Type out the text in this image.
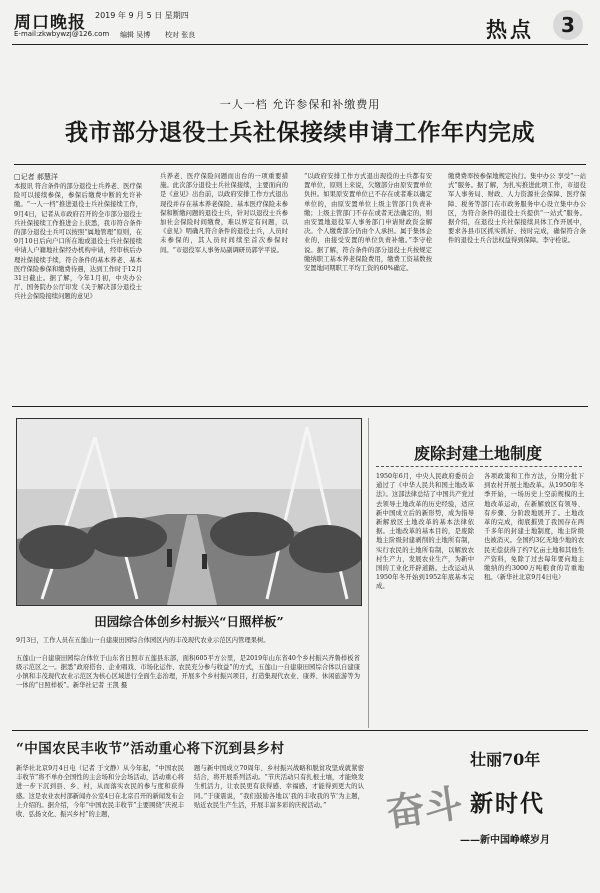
周口晚报 2019 年 9 月 5 日 星期四
E-mail:zkwbywzj@126.com 编辑 吴博 校对 张良	热点	3
一人一档 允许参保和补缴费用
我市部分退役士兵社保接续申请工作年内完成
□记者 郝慧洋
本报讯 符合条件的部分退役士兵养老、医疗保险可以接续参保，参保后缴费中断的允许补缴。“一人一档”推进退役士兵社保接续工作，9月4日，记者从市政府召开的全市部分退役士兵社保接续工作推进会上获悉，我市符合条件的部分退役士兵可以按照“属地管理”原则，在9月10日后向户口所在地或退役士兵社保接续申请人户籍地社保经办机构申请，经审核后办理社保接续手续，符合条件的基本养老、基本医疗保险参保和缴费待遇，达到工作时于12月31日截止。据了解，今年1月初，中央办公厅、国务院办公厅印发《关于解决部分退役士兵社会保险接续问题的意见》
兵养老、医疗保险问题而出台的一项重要措施。此次部分退役士兵社保接续，主要面向的是《意见》出台前，以政府安排工作方式退出现役并存在基本养老保险、基本医疗保险未参保和断缴问题的退役士兵，针对以退役士兵参加社会保险时间缴费，难以界定有问题，以《意见》明确凡符合条件的退役士兵，人员时未参保的，其人员时间续至首次参保时间。“市退役军人事务局副调研员郭学平说。
“以政府安排工作方式退出现役的士兵都有安置单位，原则上来说，欠缴部分由原安置单位负担。如果原安置单位已不存在或者难以确定单位的，由原安置单位上级主管部门负责补缴；上级主管部门不存在或者无法确定的，则由安置地退役军人事务部门申请财政资金解决。个人缴费部分仍由个人承担。属于集体企业的，由接受安置的单位负责补缴。”李守栓说。据了解，符合条件的部分退役士兵按规定缴纳职工基本养老保险费用，缴费工资基数按安置地同期职工平均工资的60%确定。
缴费费率按参保地规定执行。集中办公 享受“一站式”服务。据了解，为扎实推进此项工作，市退役军人事务局、财政、人力资源社会保障、医疗保障、税务等部门在市政务服务中心设立集中办公区，为符合条件的退役士兵提供“一站式”服务。据介绍，在退役士兵社保接续具体工作开展中，要求各县市区抓实抓好、按时完成，确保符合条件的退役士兵合法权益得到保障。李守栓说。
田园综合体创乡村振兴“日照样板”
9月3日，工作人员在五莲山一自建康田园综合体园区内的丰茂现代农业示范区内管理果树。
五莲山一自建康田园综合体位于山东省日照市五莲县东部，面积605平方公里，是2019年山东省40个乡村振兴齐鲁样板省级示范区之一。据悉“政府搭台、企业唱戏、市场化运作、农民充分参与收益”的方式，五莲山一自建康田园综合体以自建康小镇和丰茂现代农业示范区为核心区域进行全面生态治理，开展多个乡村振兴项目，打造集现代农业、康养、休闲旅游等为一体的“日照样板”。新华社记者 王凯 摄
废除封建土地制度
1950年6月，中央人民政府委员会通过了《中华人民共和国土地改革法》。这部法律总结了中国共产党过去领导土地改革的历史经验，适应新中国成立后的新形势，成为指导新解放区土地改革的基本法律依据。土地改革的基本目的，是废除地主阶级封建剥削的土地所有制，实行农民的土地所有制，以解放农村生产力，发展农业生产，为新中国的工业化开辟道路。土改运动从1950年冬开始到1952年底基本完成。
各项政策和工作方法，分期分批下到农村开展土地改革。从1950年冬季开始，一场历史上空前规模的土地改革运动，在新解放区有领导、有步骤、分阶段地展开了。土地改革的完成，彻底摧毁了我国存在两千多年的封建土地制度，地主阶级也被消灭。全国约3亿无地少地的农民无偿获得了约7亿亩土地和其他生产资料，免除了过去每年要向地主缴纳的约3000万吨粮食的苛重地租。（新华社北京9月4日电）
“中国农民丰收节”活动重心将下沉到县乡村
新华社北京9月4日电（记者 于文静）从今年起，“中国农民丰收节”将不单办全国性的主会场和分会场活动，活动重心将进一步下沉到县、乡、村，从而落实农民的参与度和获得感。这是农业农村部新闻办公室4日在北京召开的新闻发布会上介绍的。据介绍，今年“中国农民丰收节”主要围绕“庆祝丰收、弘扬文化、振兴乡村”的主题，
题与新中国成立70周年、乡村振兴战略和脱贫攻坚成就紧密结合，将开展系列活动。“节庆活动只有扎根土壤，才能焕发生机活力，让农民更有获得感、幸福感，才能得到更大的认同。”于康震说，“我们鼓励各地以‘我的丰收我的节’为主题，贴近农民生产生活，开展丰富多彩的庆祝活动。”	奋斗
壮丽70年
新时代
——新中国峥嵘岁月
